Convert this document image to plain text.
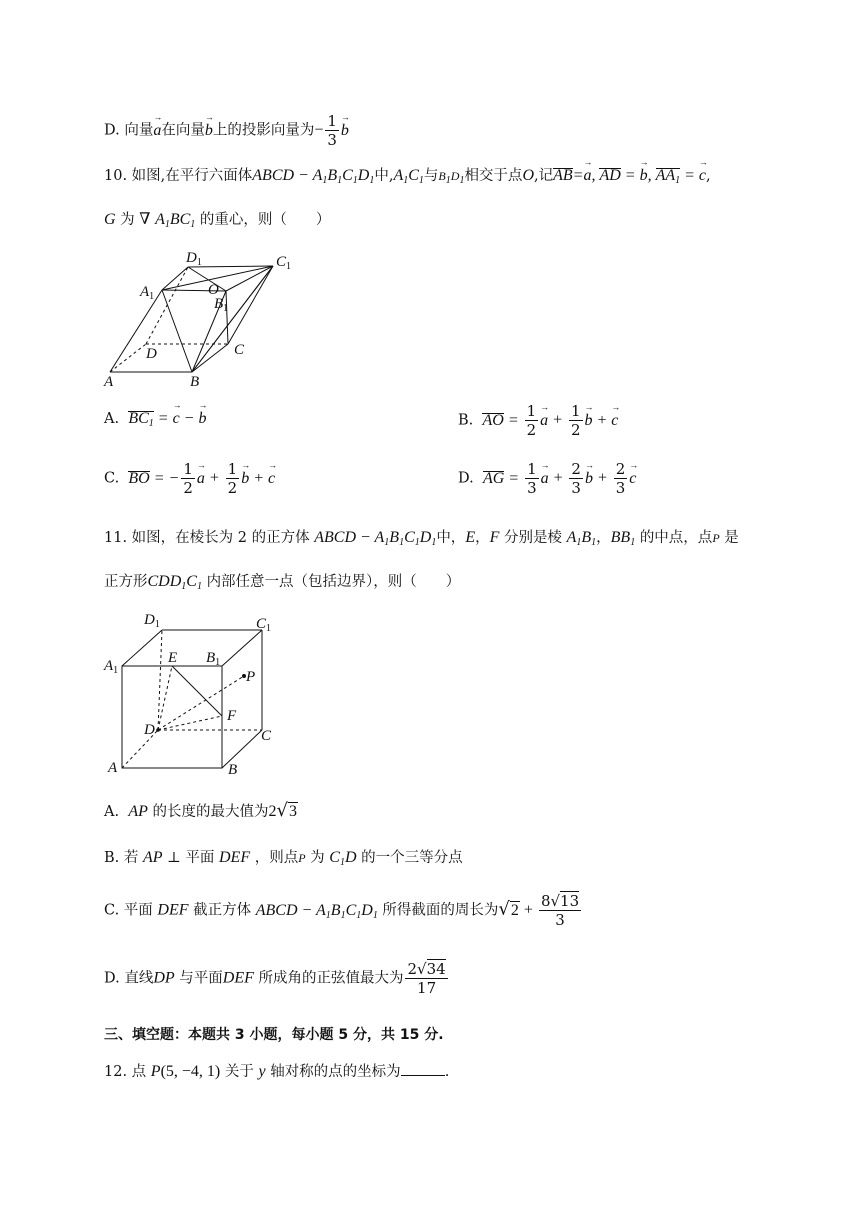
D. 向量a →在向量b →上的投影向量为− $\frac{1}{3}$ b →
10. 如图,在平行六面体ABCD − $A_1B_1C_1D_1$中$,A_1C_1$与$B_1D_1$相交于点O,记AB=a →, AD = b →, $AA_1 = c$ →,
G 为 ∇ $A_1BC_1$ 的重心，则（　　）
$D_1$	$C_1$
$A_1$	O
$B_1$
D	C
A	B
A.  $BC_1 = c$ → − b →	B.  AO = $\frac{1}{2}$ a → + $\frac{1}{2}$ b → + c →
C.  BO = − $\frac{1}{2}$ a → + $\frac{1}{2}$ b → + c →	D.  AG = $\frac{1}{3}$ a → + $\frac{2}{3}$ b → + $\frac{2}{3}$ c →
11. 如图，在棱长为 2 的正方体 ABCD − $A_1B_1C_1D_1$中，E，F 分别是棱 $A_1B_1$，$BB_1$ 的中点，点P 是
正方形$CDD_1C_1$ 内部任意一点（包括边界），则（　　）
$D_1$	$C_1$
$A_1$
E $B_1$
P
F
D	C
A	B
A. AP 的长度的最大值为2√3
B. 若 AP ⊥ 平面 DEF ，则点P 为 $C_1D$ 的一个三等分点
C. 平面 DEF 截正方体 ABCD − $A_1B_1C_1D_1$ 所得截面的周长为$√2 + \frac{8√13}{3}$
D. 直线DP 与平面DEF 所成角的正弦值最大为 $\frac{2√34}{17}$
三、填空题：本题共 3 小题，每小题 5 分，共 15 分.
12. 点 P(5, −4, 1) 关于 y 轴对称的点的坐标为	.
